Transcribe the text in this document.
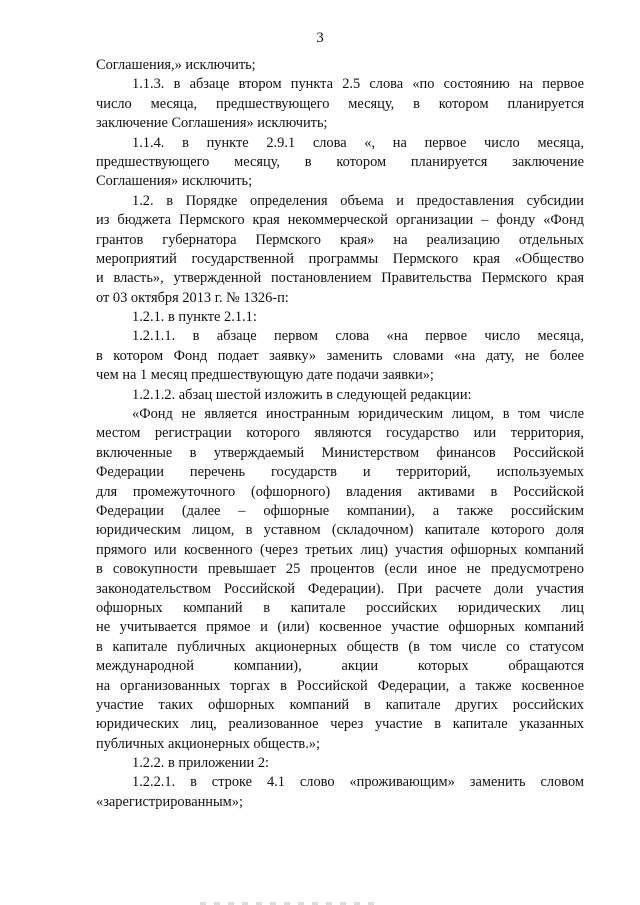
3
Соглашения,» исключить;
1.1.3. в абзаце втором пункта 2.5 слова «по состоянию на первое
число месяца, предшествующего месяцу, в котором планируется
заключение Соглашения» исключить;
1.1.4. в пункте 2.9.1 слова «, на первое число месяца,
предшествующего месяцу, в котором планируется заключение
Соглашения» исключить;
1.2. в Порядке определения объема и предоставления субсидии
из бюджета Пермского края некоммерческой организации – фонду «Фонд
грантов губернатора Пермского края» на реализацию отдельных
мероприятий государственной программы Пермского края «Общество
и власть», утвержденной постановлением Правительства Пермского края
от 03 октября 2013 г. № 1326-п:
1.2.1. в пункте 2.1.1:
1.2.1.1. в абзаце первом слова «на первое число месяца,
в котором Фонд подает заявку» заменить словами «на дату, не более
чем на 1 месяц предшествующую дате подачи заявки»;
1.2.1.2. абзац шестой изложить в следующей редакции:
«Фонд не является иностранным юридическим лицом, в том числе
местом регистрации которого являются государство или территория,
включенные в утверждаемый Министерством финансов Российской
Федерации перечень государств и территорий, используемых
для промежуточного (офшорного) владения активами в Российской
Федерации (далее – офшорные компании), а также российским
юридическим лицом, в уставном (складочном) капитале которого доля
прямого или косвенного (через третьих лиц) участия офшорных компаний
в совокупности превышает 25 процентов (если иное не предусмотрено
законодательством Российской Федерации). При расчете доли участия
офшорных компаний в капитале российских юридических лиц
не учитывается прямое и (или) косвенное участие офшорных компаний
в капитале публичных акционерных обществ (в том числе со статусом
международной компании), акции которых обращаются
на организованных торгах в Российской Федерации, а также косвенное
участие таких офшорных компаний в капитале других российских
юридических лиц, реализованное через участие в капитале указанных
публичных акционерных обществ.»;
1.2.2. в приложении 2:
1.2.2.1. в строке 4.1 слово «проживающим» заменить словом
«зарегистрированным»;
